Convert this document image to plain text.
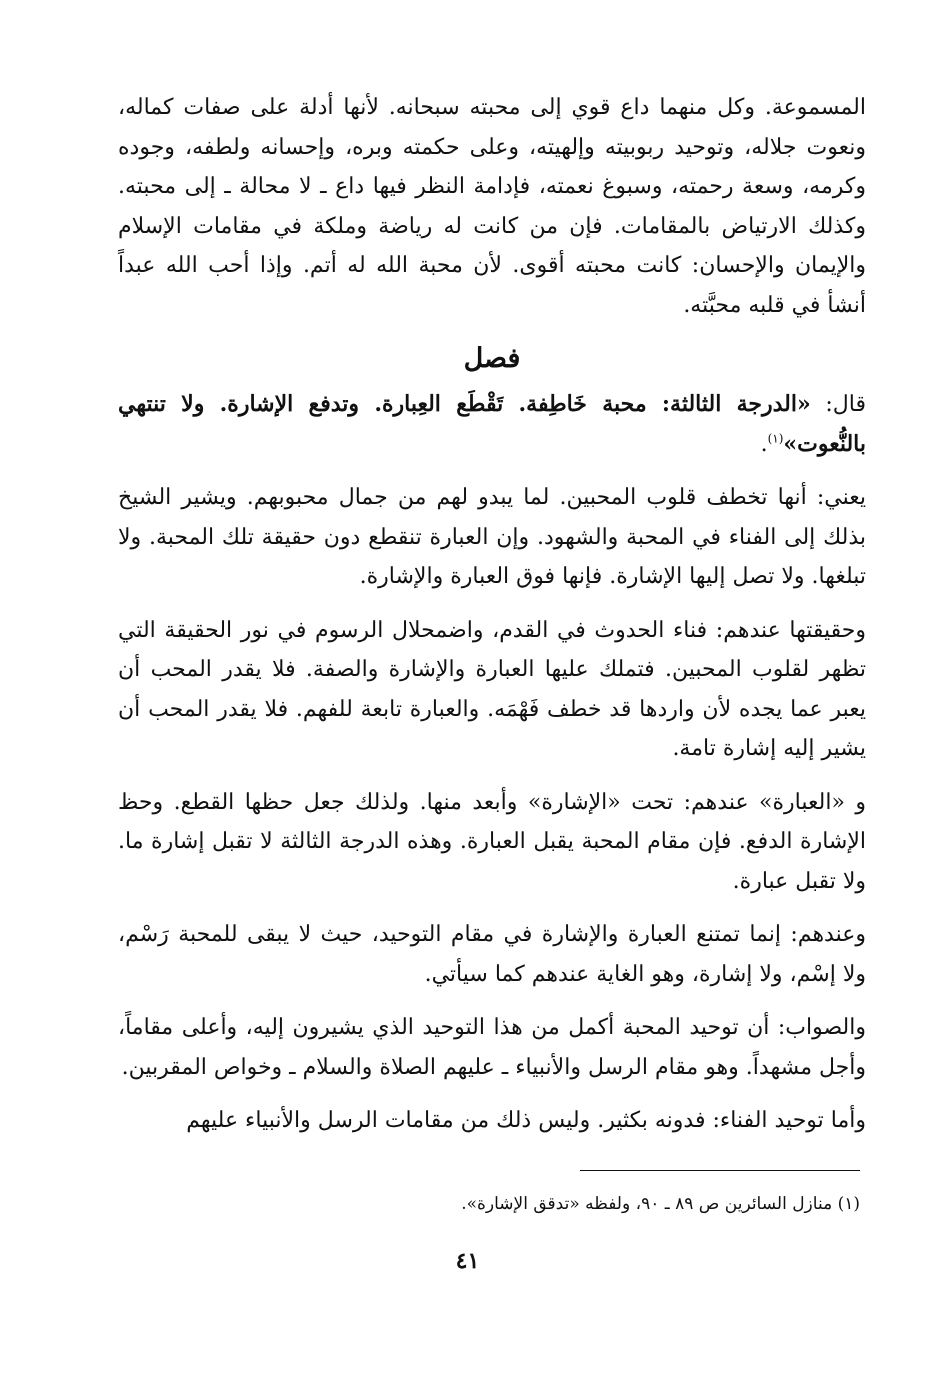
المسموعة. وكل منهما داع قوي إلى محبته سبحانه. لأنها أدلة على صفات كماله، ونعوت جلاله، وتوحيد ربوبيته وإلهيته، وعلى حكمته وبره، وإحسانه ولطفه، وجوده وكرمه، وسعة رحمته، وسبوغ نعمته، فإدامة النظر فيها داع ـ لا محالة ـ إلى محبته. وكذلك الارتياض بالمقامات. فإن من كانت له رياضة وملكة في مقامات الإسلام والإيمان والإحسان: كانت محبته أقوى. لأن محبة الله له أتم. وإذا أحب الله عبداً أنشأ في قلبه محبَّته.

فصل

قال: «الدرجة الثالثة: محبة خَاطِفة. تَقْطَع العِبارة. وتدفع الإشارة. ولا تنتهي بالنُّعوت»$^{(١)}$.

يعني: أنها تخطف قلوب المحبين. لما يبدو لهم من جمال محبوبهم. ويشير الشيخ بذلك إلى الفناء في المحبة والشهود. وإن العبارة تنقطع دون حقيقة تلك المحبة. ولا تبلغها. ولا تصل إليها الإشارة. فإنها فوق العبارة والإشارة.

وحقيقتها عندهم: فناء الحدوث في القدم، واضمحلال الرسوم في نور الحقيقة التي تظهر لقلوب المحبين. فتملك عليها العبارة والإشارة والصفة. فلا يقدر المحب أن يعبر عما يجده لأن واردها قد خطف فَهْمَه. والعبارة تابعة للفهم. فلا يقدر المحب أن يشير إليه إشارة تامة.

و «العبارة» عندهم: تحت «الإشارة» وأبعد منها. ولذلك جعل حظها القطع. وحظ الإشارة الدفع. فإن مقام المحبة يقبل العبارة. وهذه الدرجة الثالثة لا تقبل إشارة ما. ولا تقبل عبارة.

وعندهم: إنما تمتنع العبارة والإشارة في مقام التوحيد، حيث لا يبقى للمحبة رَسْم، ولا إسْم، ولا إشارة، وهو الغاية عندهم كما سيأتي.

والصواب: أن توحيد المحبة أكمل من هذا التوحيد الذي يشيرون إليه، وأعلى مقاماً، وأجل مشهداً. وهو مقام الرسل والأنبياء ـ عليهم الصلاة والسلام ـ وخواص المقربين.

وأما توحيد الفناء: فدونه بكثير. وليس ذلك من مقامات الرسل والأنبياء عليهم

(١) منازل السائرين ص ٨٩ ـ ٩٠، ولفظه «تدقق الإشارة».
٤١
